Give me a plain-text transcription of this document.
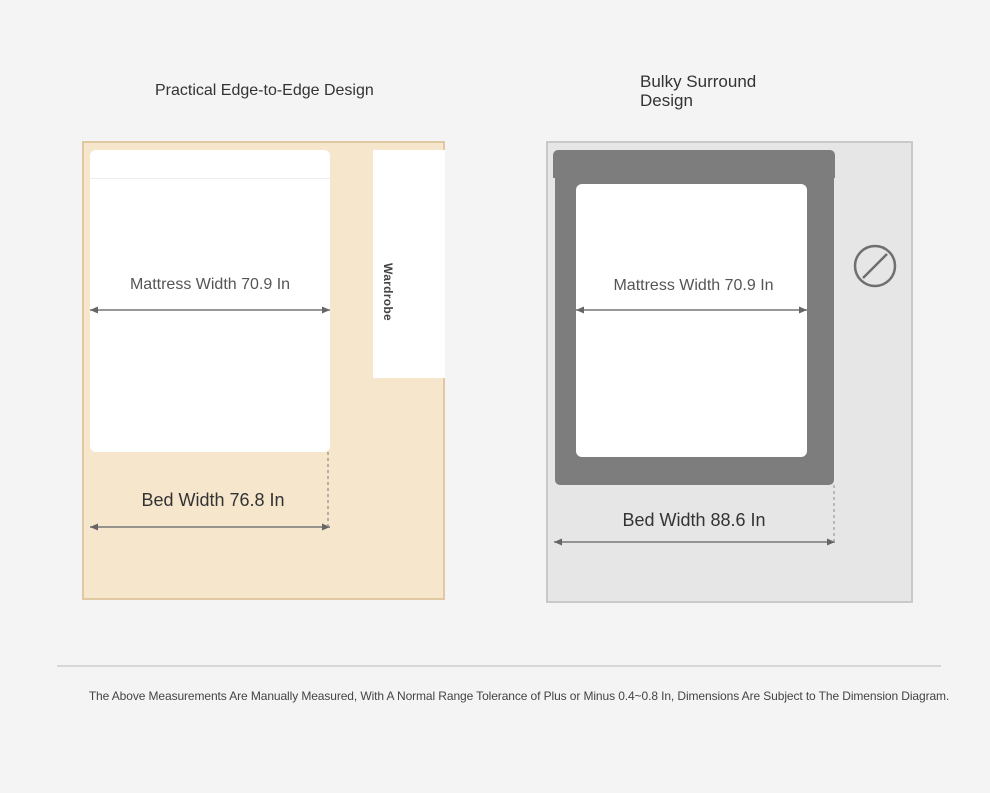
Practical Edge-to-Edge Design	Bulky Surround Design
Wardrobe
Mattress Width 70.9 In
Bed Width 76.8 In
Mattress Width 70.9 In
Bed Width 88.6 In
The Above Measurements Are Manually Measured, With A Normal Range Tolerance of Plus or Minus 0.4~0.8 In, Dimensions Are Subject to The Dimension Diagram.
